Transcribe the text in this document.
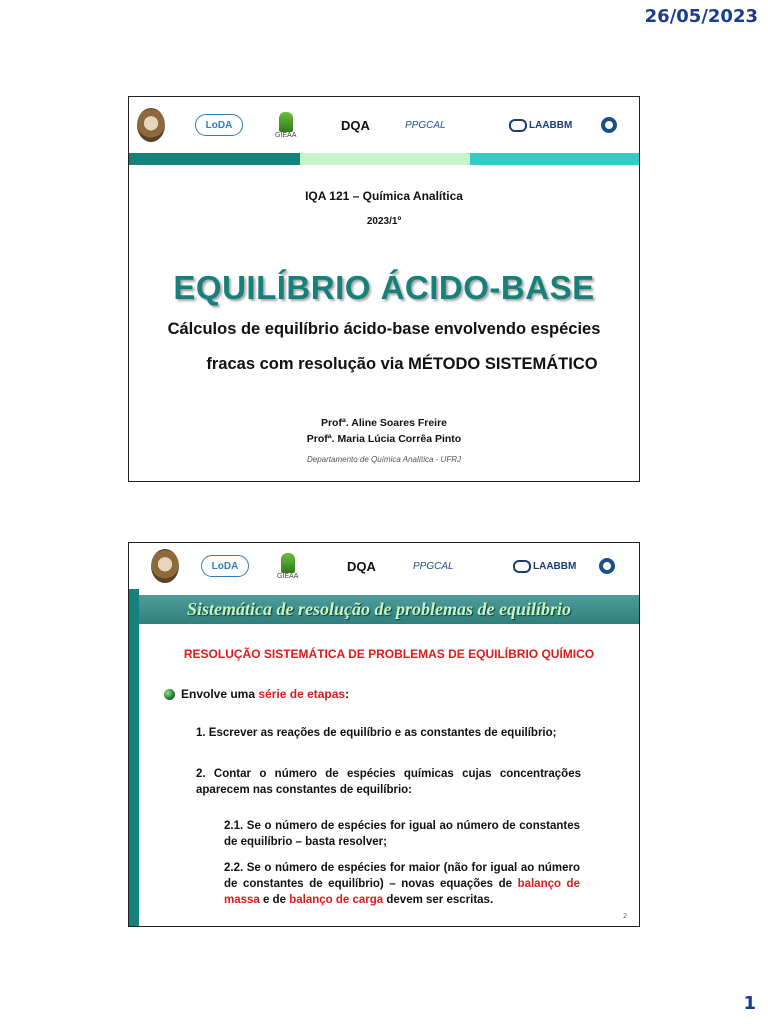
26/05/2023
LoDA
GIEAA
DQA	PPGCAL	LAABBM
IQA 121 – Química Analítica
2023/1º
EQUILÍBRIO ÁCIDO-BASE
Cálculos de equilíbrio ácido-base envolvendo espécies
fracas com resolução via MÉTODO SISTEMÁTICO
Profª. Aline Soares Freire
Profª. Maria Lúcia Corrêa Pinto
Departamento de Química Analítica - UFRJ
LoDA
GIEAA
DQA	PPGCAL	LAABBM
Sistemática de resolução de problemas de equilíbrio
RESOLUÇÃO SISTEMÁTICA DE PROBLEMAS DE EQUILÍBRIO QUÍMICO
Envolve uma
série de etapas :
1. Escrever as reações de equilíbrio e as constantes de equilíbrio;
2. Contar o número de espécies químicas cujas concentrações aparecem nas constantes de equilíbrio:
2.1. Se o número de espécies for igual ao número de constantes de equilíbrio – basta resolver;
2.2. Se o número de espécies for maior (não for igual ao número de constantes de equilíbrio) – novas equações de balanço de massa e de balanço de carga devem ser escritas.
2
1
